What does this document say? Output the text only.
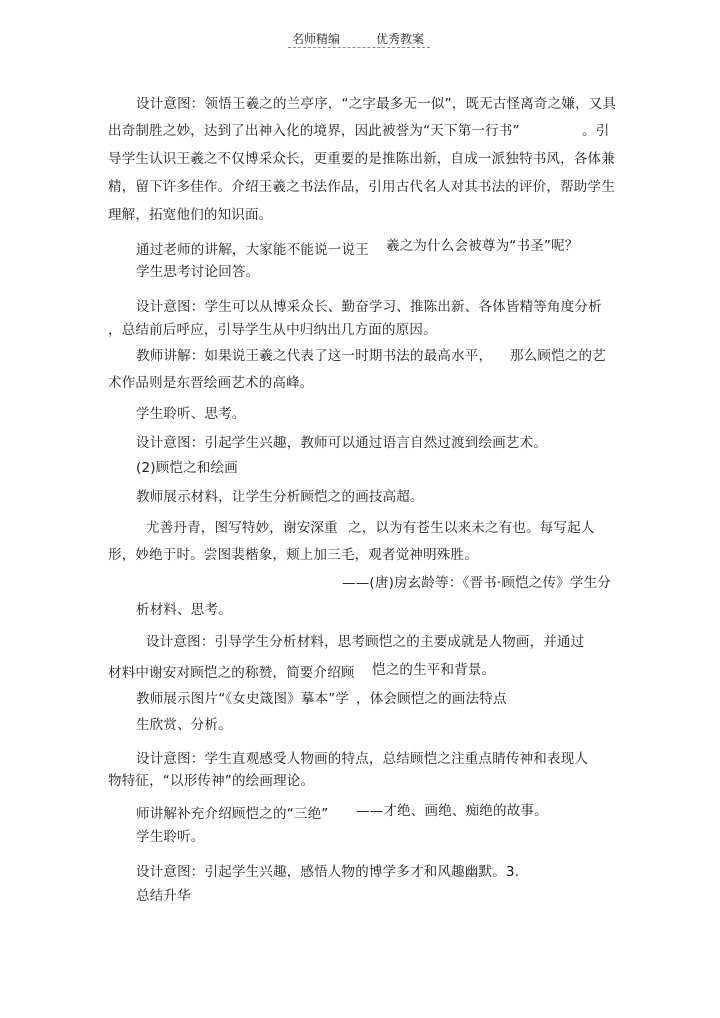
名师精编	优秀教案
设计意图：领悟王羲之的兰亭序，“之字最多无一似”，既无古怪离奇之嫌，又具
出奇制胜之妙，达到了出神入化的境界，因此被誉为“天下第一行书”	。引
导学生认识王羲之不仅博采众长，更重要的是推陈出新，自成一派独特书风，各体兼
精，留下许多佳作。介绍王羲之书法作品，引用古代名人对其书法的评价，帮助学生
理解，拓宽他们的知识面。
通过老师的讲解，大家能不能说一说王 羲之为什么会被尊为“书圣”呢？
学生思考讨论回答。
设计意图：学生可以从博采众长、勤奋学习、推陈出新、各体皆精等角度分析
，总结前后呼应，引导学生从中归纳出几方面的原因。
教师讲解：如果说王羲之代表了这一时期书法的最高水平， 那么顾恺之的艺
术作品则是东晋绘画艺术的高峰。
学生聆听、思考。
设计意图：引起学生兴趣，教师可以通过语言自然过渡到绘画艺术。
(2)顾恺之和绘画
教师展示材料，让学生分析顾恺之的画技高超。
尤善丹青，图写特妙，谢安深重 之，以为有苍生以来未之有也。每写起人
形，妙绝于时。尝图裴楷象，颊上加三毛，观者觉神明殊胜。
——(唐)房玄龄等：《晋书·顾恺之传》学生分
析材料、思考。
设计意图：引导学生分析材料，思考顾恺之的主要成就是人物画，并通过
材料中谢安对顾恺之的称赞，简要介绍顾 恺之的生平和背景。
教师展示图片“《女史箴图》摹本”学 ，体会顾恺之的画法特点
生欣赏、分析。
设计意图：学生直观感受人物画的特点，总结顾恺之注重点睛传神和表现人
物特征，“以形传神”的绘画理论。
师讲解补充介绍顾恺之的“三绝” ——才绝、画绝、痴绝的故事。
学生聆听。
设计意图：引起学生兴趣，感悟人物的博学多才和风趣幽默。3.
总结升华
